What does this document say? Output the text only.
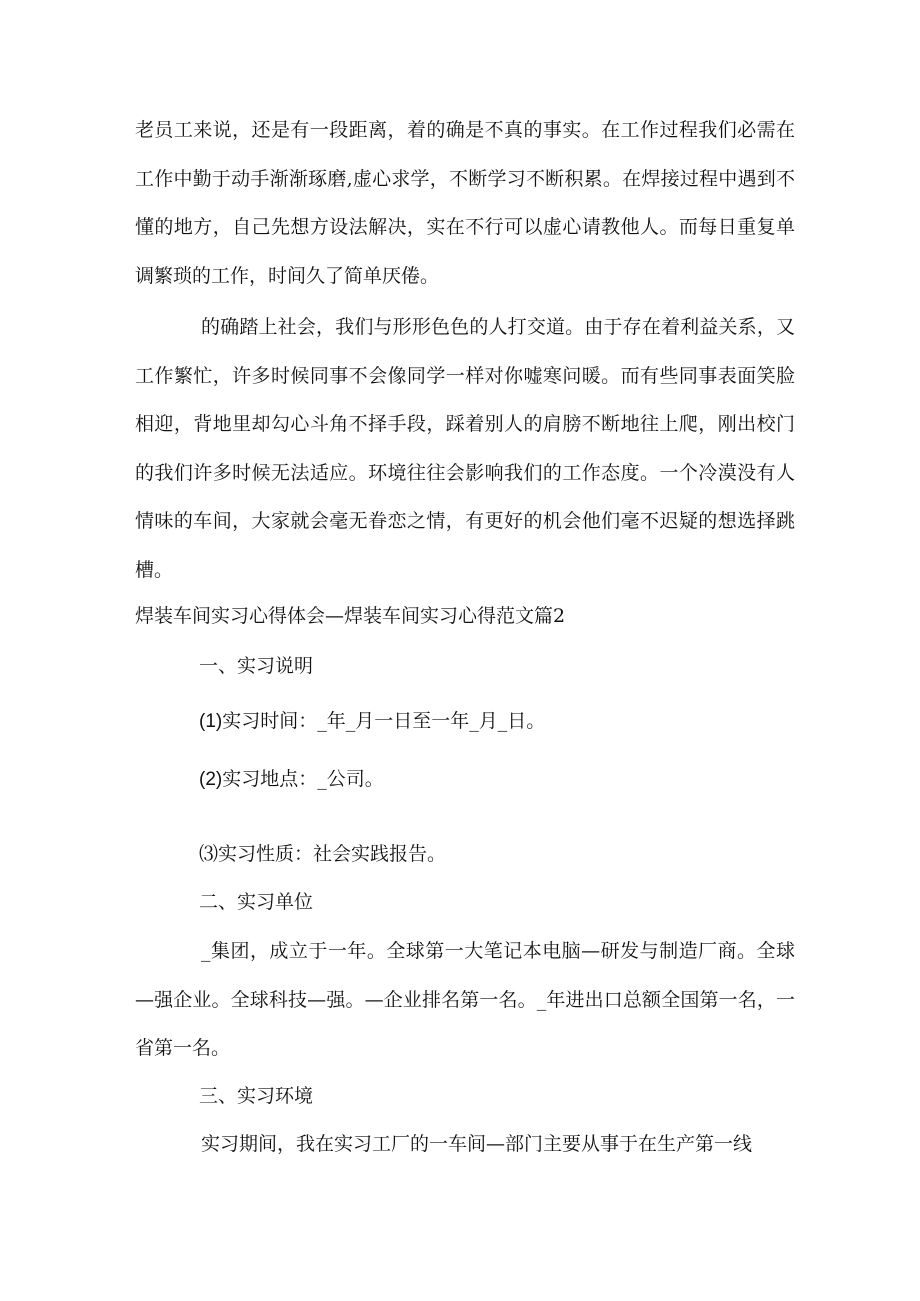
老员工来说，还是有一段距离，着的确是不真的事实。在工作过程我们必需在工作中勤于动手渐渐琢磨,虚心求学，不断学习不断积累。在焊接过程中遇到不懂的地方，自己先想方设法解决，实在不行可以虚心请教他人。而每日重复单调繁琐的工作，时间久了简单厌倦。

的确踏上社会，我们与形形色色的人打交道。由于存在着利益关系，又工作繁忙，许多时候同事不会像同学一样对你嘘寒问暖。而有些同事表面笑脸相迎，背地里却勾心斗角不择手段，踩着别人的肩膀不断地往上爬，刚出校门的我们许多时候无法适应。环境往往会影响我们的工作态度。一个冷漠没有人情味的车间，大家就会毫无眷恋之情，有更好的机会他们毫不迟疑的想选择跳槽。

焊装车间实习心得体会—焊装车间实习心得范文篇2
一、实习说明
(1)实习时间：_年_月一日至一年_月_日。
(2)实习地点：_公司。
⑶实习性质：社会实践报告。
二、实习单位

_集团，成立于一年。全球第一大笔记本电脑—研发与制造厂商。全球—强企业。全球科技—强。—企业排名第一名。_年进出口总额全国第一名，一省第一名。

三、实习环境

实习期间，我在实习工厂的一车间—部门主要从事于在生产第一线
